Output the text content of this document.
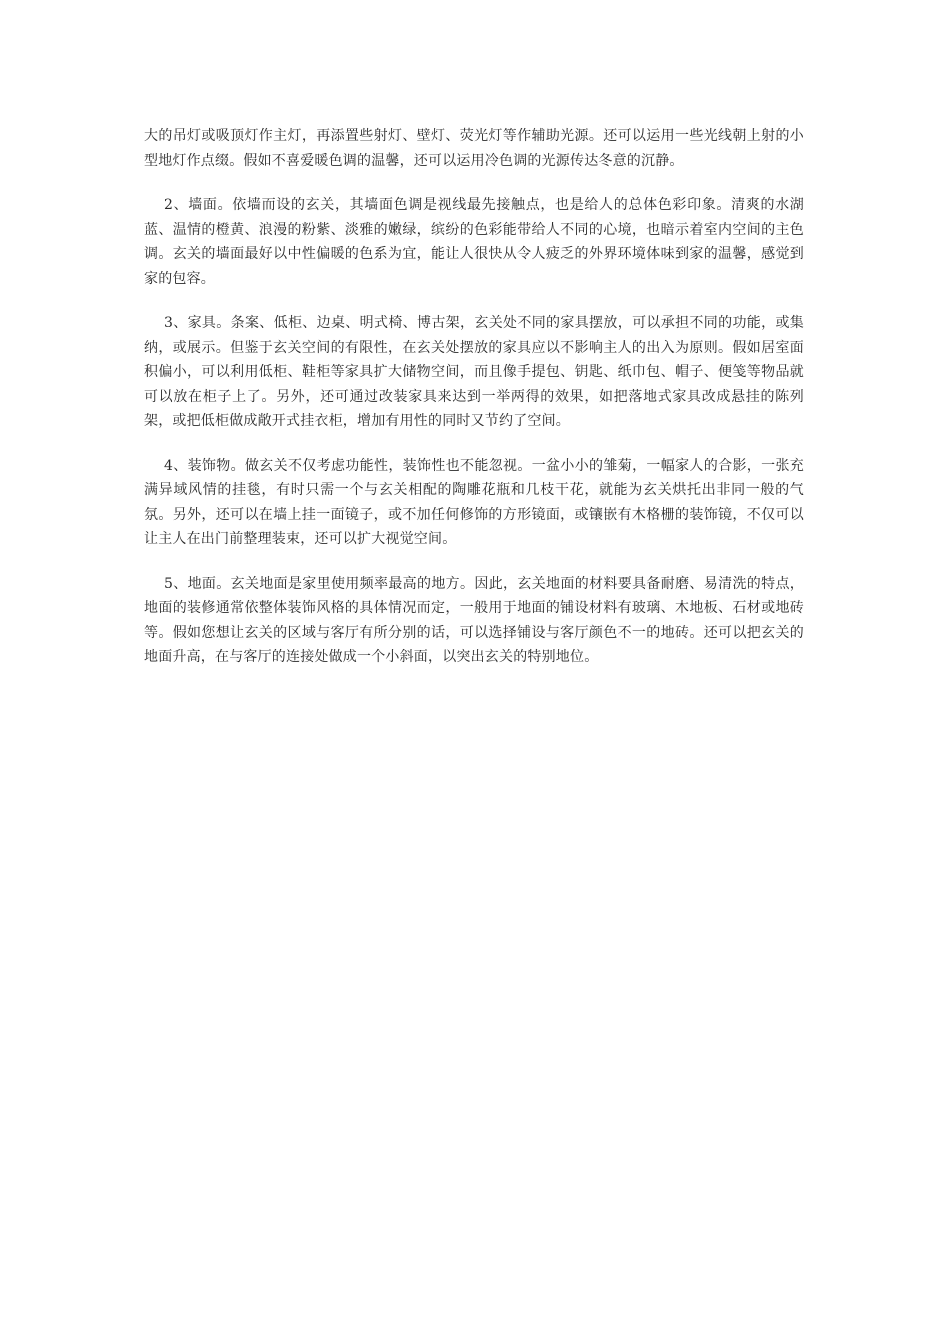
大的吊灯或吸顶灯作主灯，再添置些射灯、壁灯、荧光灯等作辅助光源。还可以运用一些光线朝上射的小型地灯作点缀。假如不喜爱暖色调的温馨，还可以运用冷色调的光源传达冬意的沉静。

2、墙面。依墙而设的玄关，其墙面色调是视线最先接触点，也是给人的总体色彩印象。清爽的水湖蓝、温情的橙黄、浪漫的粉紫、淡雅的嫩绿，缤纷的色彩能带给人不同的心境，也暗示着室内空间的主色调。玄关的墙面最好以中性偏暖的色系为宜，能让人很快从令人疲乏的外界环境体味到家的温馨，感觉到家的包容。

3、家具。条案、低柜、边桌、明式椅、博古架，玄关处不同的家具摆放，可以承担不同的功能，或集纳，或展示。但鉴于玄关空间的有限性，在玄关处摆放的家具应以不影响主人的出入为原则。假如居室面积偏小，可以利用低柜、鞋柜等家具扩大储物空间，而且像手提包、钥匙、纸巾包、帽子、便笺等物品就可以放在柜子上了。另外，还可通过改装家具来达到一举两得的效果，如把落地式家具改成悬挂的陈列架，或把低柜做成敞开式挂衣柜，增加有用性的同时又节约了空间。

4、装饰物。做玄关不仅考虑功能性，装饰性也不能忽视。一盆小小的雏菊，一幅家人的合影，一张充满异域风情的挂毯，有时只需一个与玄关相配的陶雕花瓶和几枝干花，就能为玄关烘托出非同一般的气氛。另外，还可以在墙上挂一面镜子，或不加任何修饰的方形镜面，或镶嵌有木格栅的装饰镜，不仅可以让主人在出门前整理装束，还可以扩大视觉空间。

5、地面。玄关地面是家里使用频率最高的地方。因此，玄关地面的材料要具备耐磨、易清洗的特点，地面的装修通常依整体装饰风格的具体情况而定，一般用于地面的铺设材料有玻璃、木地板、石材或地砖等。假如您想让玄关的区域与客厅有所分别的话，可以选择铺设与客厅颜色不一的地砖。还可以把玄关的地面升高，在与客厅的连接处做成一个小斜面，以突出玄关的特别地位。
